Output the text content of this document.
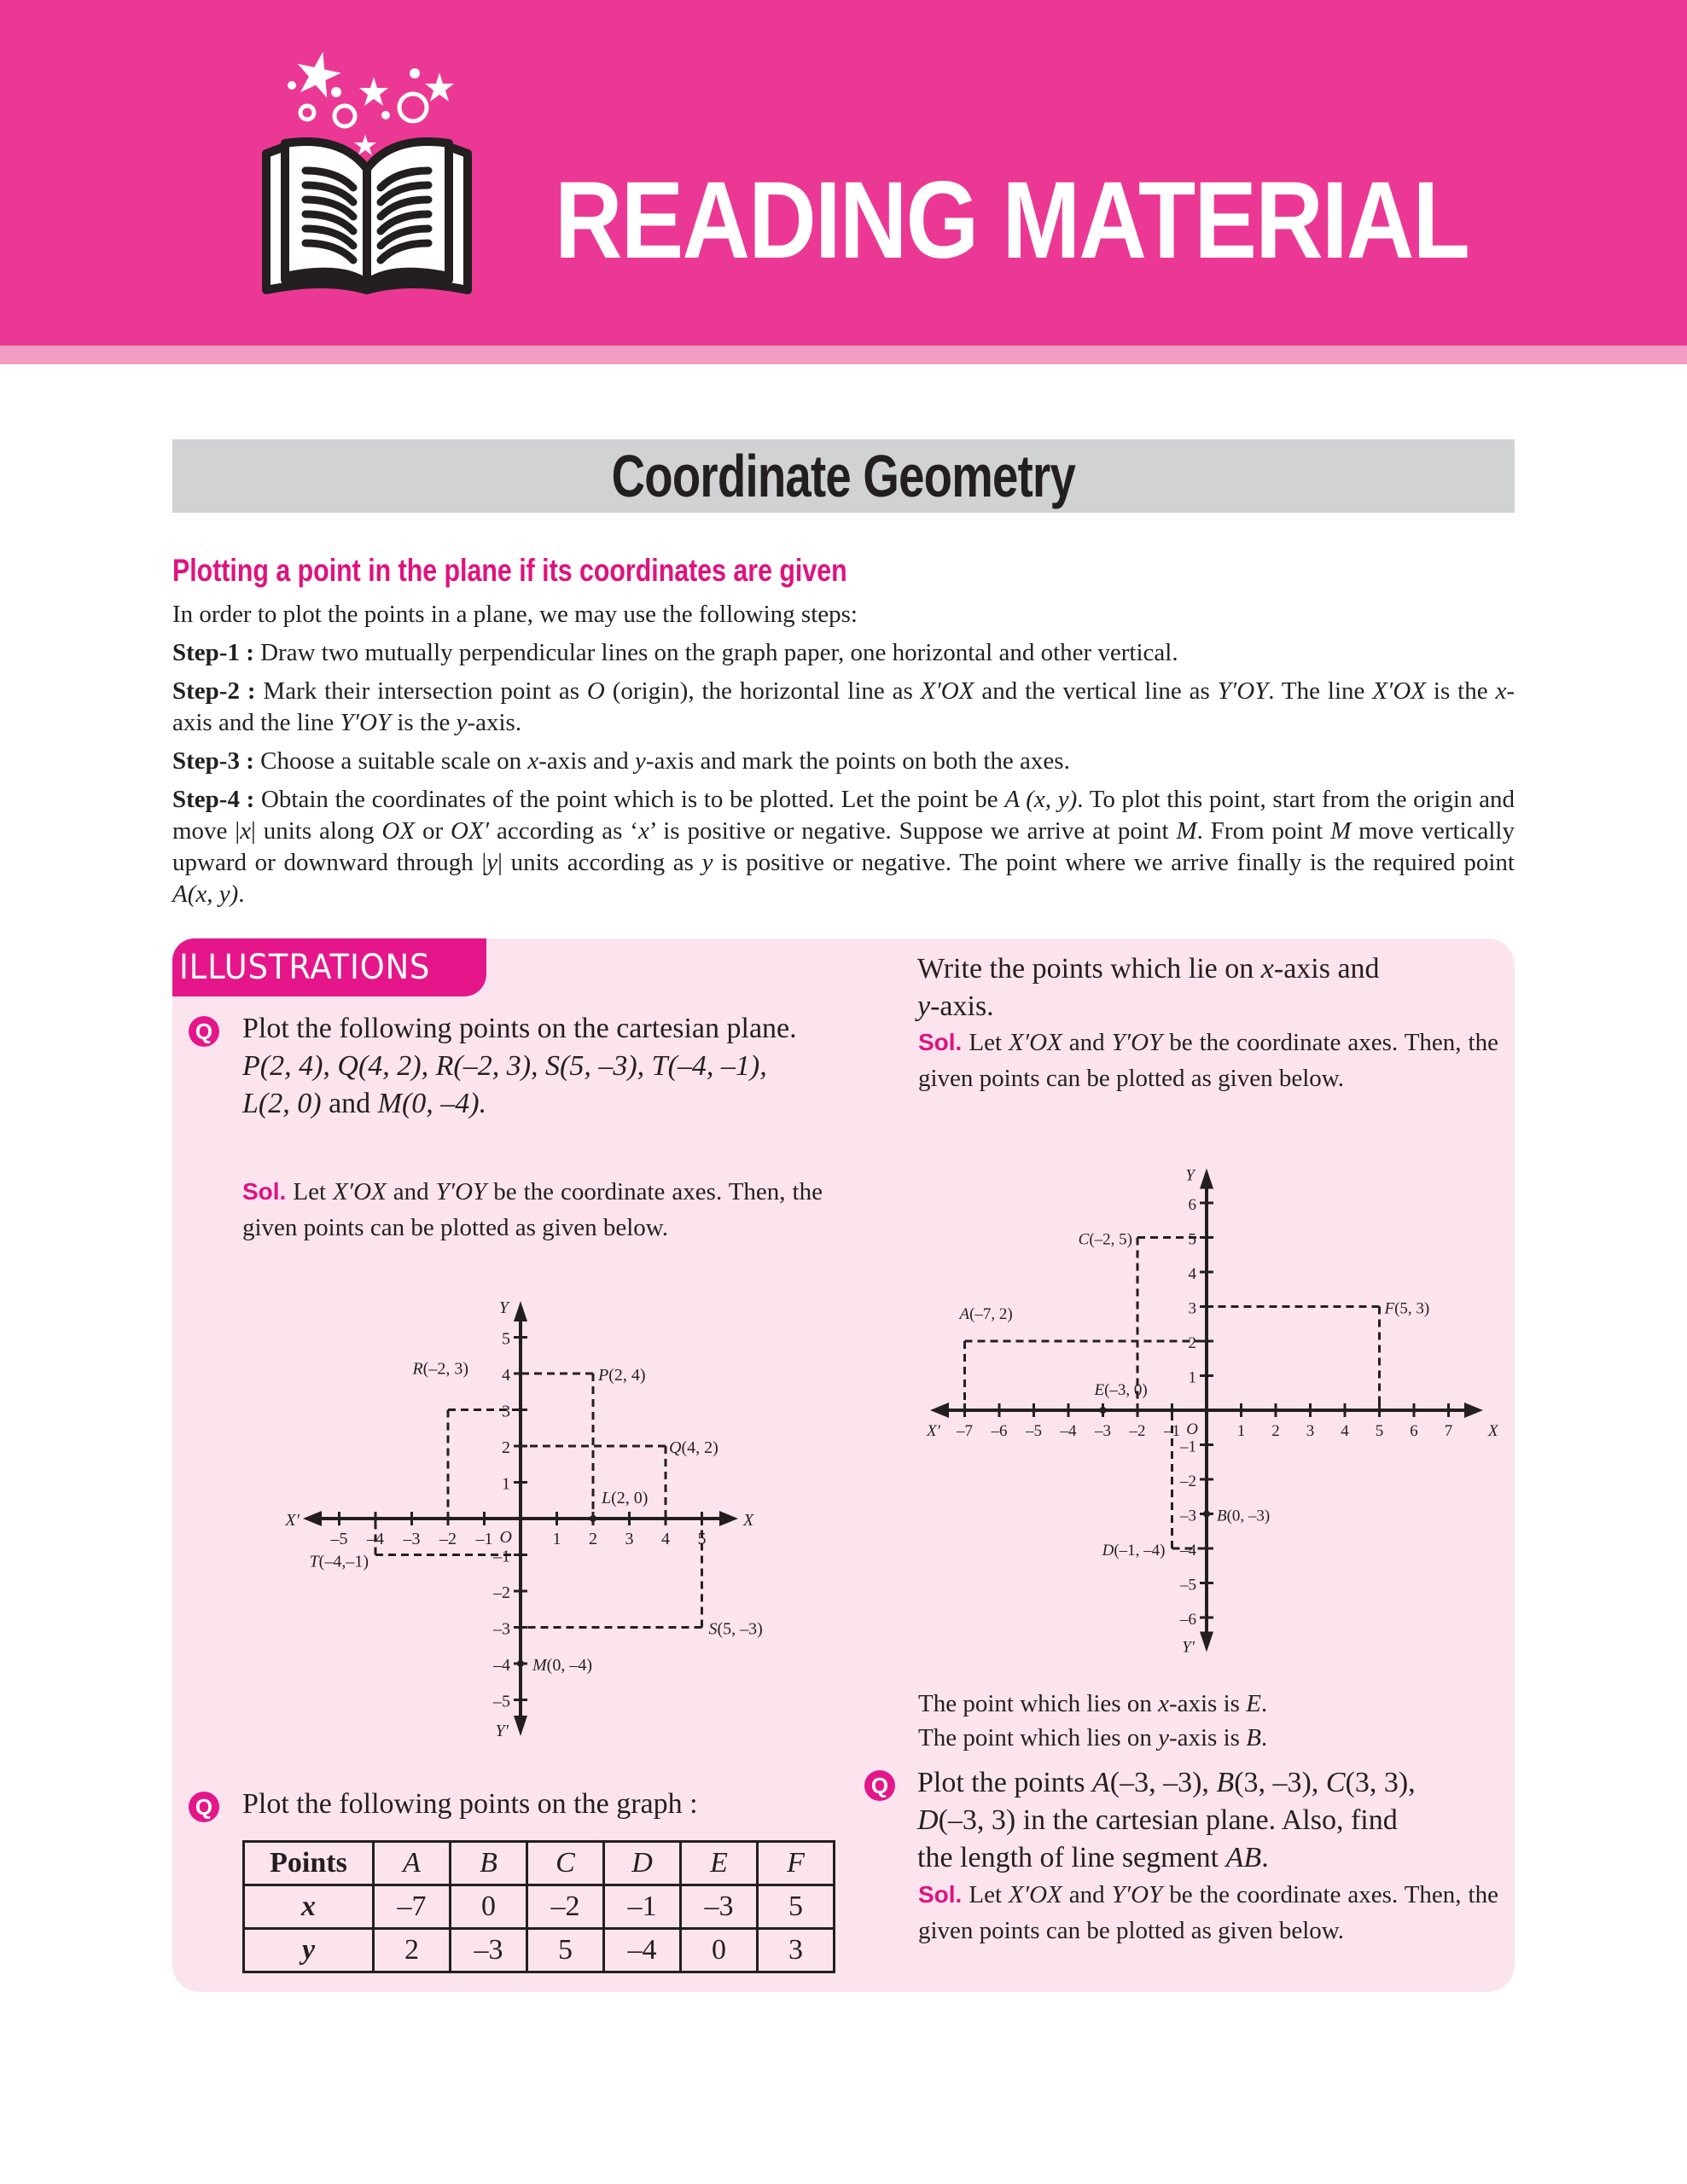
READING MATERIAL
Coordinate Geometry
Plotting a point in the plane if its coordinates are given

In order to plot the points in a plane, we may use the following steps:

Step-1 : Draw two mutually perpendicular lines on the graph paper, one horizontal and other vertical.

Step-2 : Mark their intersection point as O (origin), the horizontal line as X′OX and the vertical line as Y′OY. The line X′OX is the x-axis and the line Y′OY is the y-axis.

Step-3 : Choose a suitable scale on x-axis and y-axis and mark the points on both the axes.

Step-4 : Obtain the coordinates of the point which is to be plotted. Let the point be A (x, y). To plot this point, start from the origin and move |x| units along OX or OX′ according as ‘x’ is positive or negative. Suppose we arrive at point M. From point M move vertically upward or downward through |y| units according as y is positive or negative. The point where we arrive finally is the required point A(x, y).

ILLUSTRATIONS
Q Plot the following points on the cartesian plane.
P(2, 4), Q(4, 2), R(–2, 3), S(5, –3), T(–4, –1),
L(2, 0) and M(0, –4).
Sol. Let X′OX and Y′OY be the coordinate axes. Then, the given points can be plotted as given below.
–5 –4 –3 –2 –1	1 2 3 4 5
–5
–4
–3
–2
–1
1
2
3
4
5
O
X
X′
Y
Y′
P(2, 4)
Q(4, 2)
R(–2, 3)
S(5, –3)
T(–4,–1)
L(2, 0)
M(0, –4)
Q Plot the following points on the graph :
Points	A	B	C	D	E	F
x	–7	0	–2	–1	–3	5
y	2	–3	5	–4	0	3
Write the points which lie on x-axis and
y-axis.
Sol. Let X′OX and Y′OY be the coordinate axes. Then, the given points can be plotted as given below.
–7 –6 –5 –4 –3 –2 –1	1 2 3 4 5 6 7
–6
–5
–4
–3
–2
–1
1
2
3
4
5
6
O	X
X′
Y
Y′
A(–7, 2)
B(0, –3)
C(–2, 5)
D(–1, –4)
E(–3, 0)
F(5, 3)
The point which lies on x-axis is E.
The point which lies on y-axis is B.
Q Plot the points A(–3, –3), B(3, –3), C(3, 3),
D(–3, 3) in the cartesian plane. Also, find
the length of line segment AB.
Sol. Let X′OX and Y′OY be the coordinate axes. Then, the given points can be plotted as given below.
